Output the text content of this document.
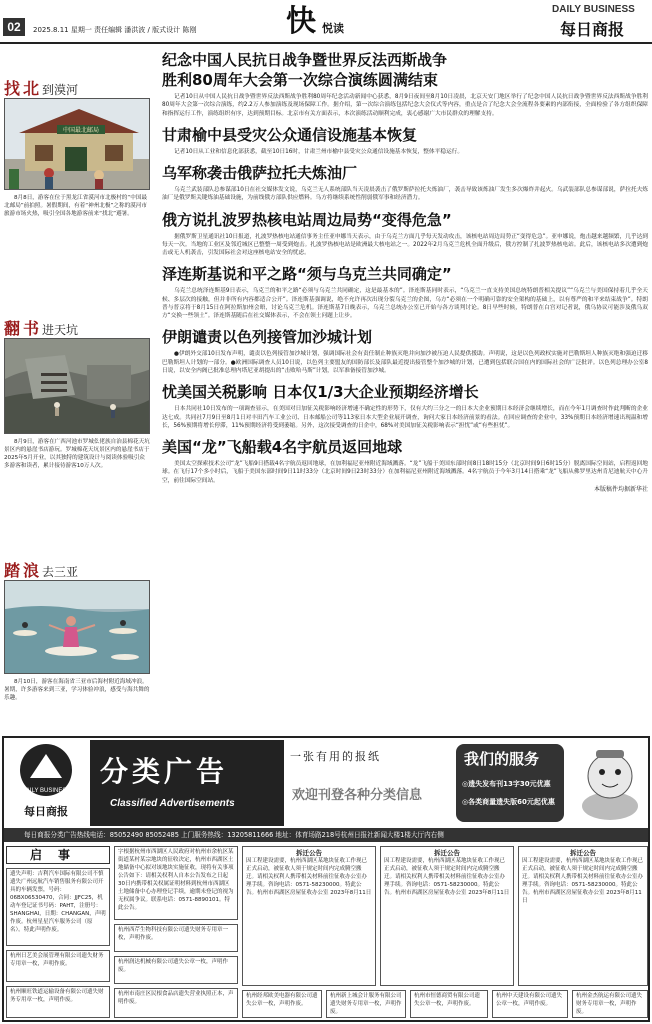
02	2025.8.11 星期一 责任编辑 潘洪波 / 版式设计 陈刚	快 悦读
DAILY BUSINESS
每日商报
找北到漠河
中国最北邮局
8月8日，游客在位于黑龙江省漠河市北极村的“中国最北邮局”前拍照。暑假期间，有着“神州北极”之称的漠河市旅游市场火热，吸引全国各地游客前来“找北”避暑。
翻书进天坑
8月9日，游客在广西河池市罗城仫佬族自治县棉花天坑景区内的悬崖书店游玩。罗城棉花天坑景区内的悬崖书店于2025年5月开业，以其独特的建筑设计与阅读体验吸引众多游客和读者，累计接待游客10万人次。
踏浪去三亚
8月10日，游客在海南省三亚市后海村附近海域冲浪。暑期，许多游客来到三亚，学习体验冲浪，感受与海共舞的乐趣。
纪念中国人民抗日战争暨世界反法西斯战争
胜利80周年大会第一次综合演练圆满结束
记者10日从中国人民抗日战争暨世界反法西斯战争胜利80周年纪念活动新闻中心获悉，8月9日夜间至8月10日凌晨，北京天安门地区举行了纪念中国人民抗日战争暨世界反法西斯战争胜利80周年大会第一次综合演练，约2.2万人参加演练及现场保障工作。据介绍，第一次综合演练包括纪念大会仪式等内容，重点是合了纪念大会全流程各要素的内部衔接，全面检验了各方组织保障和指挥运行工作，演练组织有序，达到预期目标。北京市有关方面表示，本次演练活动顺利完成，衷心感谢广大市民群众的理解支持。
甘肃榆中县受灾公众通信设施基本恢复
记者10日从工业和信息化部获悉，截至10日16时，甘肃兰州市榆中县受灾公众通信设施基本恢复，整体平稳运行。
乌军称袭击俄萨拉托夫炼油厂
乌克兰武装部队总参谋部10日在社交媒体发文说，乌克兰无人系统部队当天凌晨袭击了俄罗斯萨拉托夫炼油厂，袭击导致该炼油厂发生多次爆炸并起火。乌武装部队总参谋部说，萨拉托夫炼油厂是俄罗斯关键炼油基础设施，为前线俄方部队供应燃料。乌方将继续系统性削弱俄军事和经济潜力。
俄方说扎波罗热核电站周边局势“变得危急”
据俄罗斯卫星通讯社10日报道，扎波罗热核电站通信事务主任亚申娜当天表示，由于乌克兰方面几乎每天发动攻击，该核电站周边局势正“变得危急”。亚申娜说，炮击越来越频繁，几乎达到每天一次。当地的工业区及邻近城区已整整一周受到炮击。扎波罗热核电站是欧洲最大核电站之一。2022年2月乌克兰危机全面升级后，俄方控制了扎波罗热核电站。此后，该核电站多次遭到炮击或无人机袭击，引发国际社会对这座核电站安全的忧虑。
泽连斯基说和平之路“须与乌克兰共同确定”
乌克兰总统泽连斯基9日表示，乌克兰的和平之路“必须与乌克兰共同确定，这是最基本的”。泽连斯基同时表示，“乌克兰一直支持美国总统特朗普相关提议”“乌克兰与美国保持着几乎全天候、多层次的接触，但并非所有内容都适合公开”。泽连斯基强调说，绝不允许再次出现分裂乌克兰的企图，乌方“必须在一个明确可靠的安全架构的基础上，以有尊严的和平来结束战争”。特朗普与普京将于8月15日在阿拉斯加州会晤，讨论乌克兰危机。泽连斯基7日晚表示，乌克兰总统办公室已开始与各方谈判讨论。8日早些时候，特朗普在白宫对记者说，俄乌协议可能涉及俄乌双方“交换一些领土”。泽连斯基随后在社交媒体表示，不会在领土问题上让步。
伊朗谴责以色列接管加沙城计划
●伊朗外交部10日发布声明，谴责以色列接管加沙城计划，强调国际社会有责任制止种族灭绝并向加沙被压迫人民提供援助。声明说，这是以色列政权实施对巴勒斯坦人种族灭绝和强迫迁移巴勒斯坦人计划的一部分。●欧洲国际调查人员10日说，以色列主要盟友的国防部长及部队最近提出接管整个加沙城的计划，已遭到包括联合国在内的国际社会的广泛批评。以色列总理办公室8日说，以安全内阁已批准总理内塔尼亚胡提出的“击败哈马斯”计划，以军准备接管加沙城。
忧美国关税影响 日本仅1/3大企业预期经济增长
日本共同社10日发布的一项调查显示，在美国对日加征关税影响经济增速不确定性的形势下，仅有大约三分之一的日本大企业预期日本经济会继续增长，而在今年1月调查时作此判断的企业达七成。共同社7月9日至8月1日对丰田汽车工业公司、日本邮船公司等113家日本大型企业展开调查，询问大家日本经济前景的看法。在回应调查的企业中，33%预期日本经济增速出现温和增长，56%预期将增长停滞，11%预期经济将受到萎缩。另外，这次接受调查的日企中，68%对美国加征关税影响表示“担忧”或“有些担忧”。
美国“龙”飞船载4名宇航员返回地球
美国太空探索技术公司“龙”飞船9日搭载4名宇航员返回地球，在加利福尼亚州附近海域溅落。“龙”飞船于美国东部时间8日18时15分（北京时间9日6时15分）脱离国际空间站，启程返回地球。在飞行17个多小时后，飞船于美国东部时间9日11时33分（北京时间9日23时33分）在加利福尼亚州附近海域溅落。4名宇航员于今年3月14日搭乘“龙”飞船从佛罗里达州肯尼迪航天中心升空，前往国际空间站。
本版稿件均据新华社
DAILY BUSINESS
每日商报
分类广告
Classified Advertisements
一张有用的报纸
欢迎刊登各种分类信息
我们的服务
◎遗失发布刊13字30元优惠
◎各类商量遗失版60元起优惠
每日商报分类广告热线电话：85052490 85052485 上门服务热线：13205811666 地址：体育场路218号杭州日报社新闻大楼1楼大厅内右侧
启事
遗失声明：吉利汽车国际有限公司不慎遗失广州远航汽车销售服务有限公司开具的车辆发票，号码：06BX06530470，合同：JJFC25，机动车登记证书号码：PAHT，注册号：SHANGHAI，日期：CHANGAN，声明作废。杭州星星汽车服务公司（原名）。特此声明作废。
杭州日艺美会展管理有限公司遗失财务专用章一枚，声明作废。
杭州顺旺铁道运输设备有限公司遗失财务专用章一枚，声明作废。
字根据杭州市西湖区人民政府对杭州市余杭区某街道某村某宗地块的征收决定，杭州市西湖区土地储备中心拟对该地块实施征收，现将有关事项公告如下：请相关权利人自本公告发布之日起30日内携带相关权属证明材料到杭州市西湖区土地储备中心办理登记手续，逾期未登记的视为无权属争议。联系电话：0571-8890101。特此公告。
杭州西芹生物科技有限公司遗失财务专用章一枚，声明作废。
杭州润达机械有限公司遗失公章一枚，声明作废。
杭州市南庄区民根食品店遗失营业执照正本，声明作废。
拆迁公告
因工程建设需要，杭州西湖区某地块征收工作现已正式启动，被征收人须于规定时间内完成腾空搬迁。请相关权利人携带相关材料前往征收办公室办理手续。咨询电话：0571-58230000。特此公告。杭州市西湖区房屋征收办公室 2023年8月11日
拆迁公告
因工程建设需要，杭州西湖区某地块征收工作现已正式启动，被征收人须于规定时间内完成腾空搬迁。请相关权利人携带相关材料前往征收办公室办理手续。咨询电话：0571-58230000。特此公告。杭州市西湖区房屋征收办公室 2023年8月11日
拆迁公告
因工程建设需要，杭州西湖区某地块征收工作现已正式启动，被征收人须于规定时间内完成腾空搬迁。请相关权利人携带相关材料前往征收办公室办理手续。咨询电话：0571-58230000。特此公告。杭州市西湖区房屋征收办公室 2023年8月11日
杭州经邦欧美电器有限公司遗失公章一枚，声明作废。
杭州新上城会计服务有限公司遗失财务专用章一枚，声明作废。
杭州市恒德商贸有限公司遗失公章一枚，声明作废。
杭州中天建设有限公司遗失公章一枚，声明作废。
杭州金杰航运有限公司遗失财务专用章一枚，声明作废。
